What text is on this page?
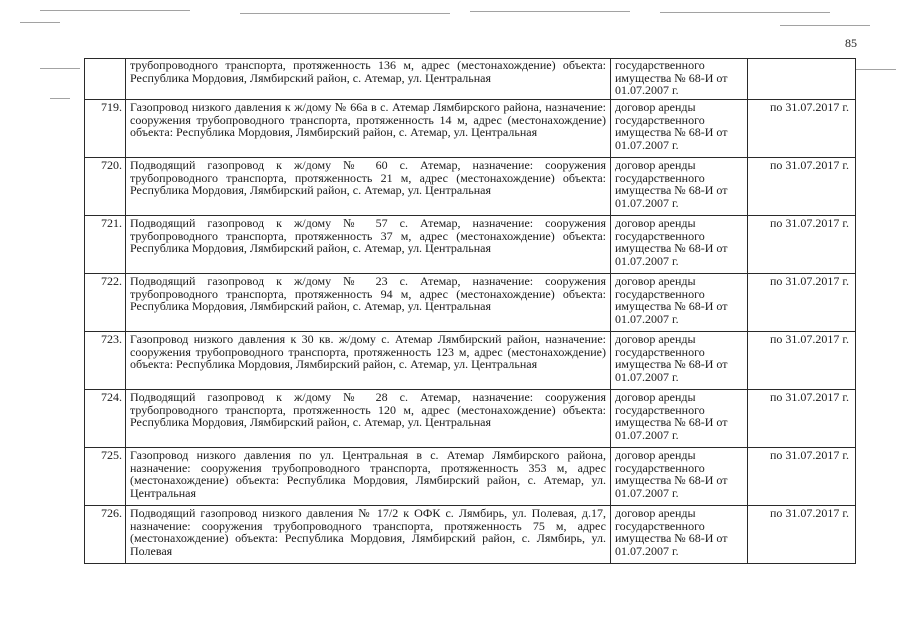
85
	трубопроводного транспорта, протяженность 136 м, адрес (местонахождение) объекта: Республика Мордовия, Лямбирский район, с. Атемар, ул. Центральная	государственного имущества № 68-И от 01.07.2007 г.	
719.	Газопровод низкого давления к ж/дому № 66а в с. Атемар Лямбирского района, назначение: сооружения трубопроводного транспорта, протяженность 14 м, адрес (местонахождение) объекта: Республика Мордовия, Лямбирский район, с. Атемар, ул. Центральная	договор аренды государственного имущества № 68-И от 01.07.2007 г.	по 31.07.2017 г.
720.	Подводящий газопровод к ж/дому № 60 с. Атемар, назначение: сооружения трубопроводного транспорта, протяженность 21 м, адрес (местонахождение) объекта: Республика Мордовия, Лямбирский район, с. Атемар, ул. Центральная	договор аренды государственного имущества № 68-И от 01.07.2007 г.	по 31.07.2017 г.
721.	Подводящий газопровод к ж/дому № 57 с. Атемар, назначение: сооружения трубопроводного транспорта, протяженность 37 м, адрес (местонахождение) объекта: Республика Мордовия, Лямбирский район, с. Атемар, ул. Центральная	договор аренды государственного имущества № 68-И от 01.07.2007 г.	по 31.07.2017 г.
722.	Подводящий газопровод к ж/дому № 23 с. Атемар, назначение: сооружения трубопроводного транспорта, протяженность 94 м, адрес (местонахождение) объекта: Республика Мордовия, Лямбирский район, с. Атемар, ул. Центральная	договор аренды государственного имущества № 68-И от 01.07.2007 г.	по 31.07.2017 г.
723.	Газопровод низкого давления к 30 кв. ж/дому с. Атемар Лямбирский район, назначение: сооружения трубопроводного транспорта, протяженность 123 м, адрес (местонахождение) объекта: Республика Мордовия, Лямбирский район, с. Атемар, ул. Центральная	договор аренды государственного имущества № 68-И от 01.07.2007 г.	по 31.07.2017 г.
724.	Подводящий газопровод к ж/дому № 28 с. Атемар, назначение: сооружения трубопроводного транспорта, протяженность 120 м, адрес (местонахождение) объекта: Республика Мордовия, Лямбирский район, с. Атемар, ул. Центральная	договор аренды государственного имущества № 68-И от 01.07.2007 г.	по 31.07.2017 г.
725.	Газопровод низкого давления по ул. Центральная в с. Атемар Лямбирского района, назначение: сооружения трубопроводного транспорта, протяженность 353 м, адрес (местонахождение) объекта: Республика Мордовия, Лямбирский район, с. Атемар, ул. Центральная	договор аренды государственного имущества № 68-И от 01.07.2007 г.	по 31.07.2017 г.
726.	Подводящий газопровод низкого давления № 17/2 к ОФК с. Лямбирь, ул. Полевая, д.17, назначение: сооружения трубопроводного транспорта, протяженность 75 м, адрес (местонахождение) объекта: Республика Мордовия, Лямбирский район, с. Лямбирь, ул. Полевая	договор аренды государственного имущества № 68-И от 01.07.2007 г.	по 31.07.2017 г.
